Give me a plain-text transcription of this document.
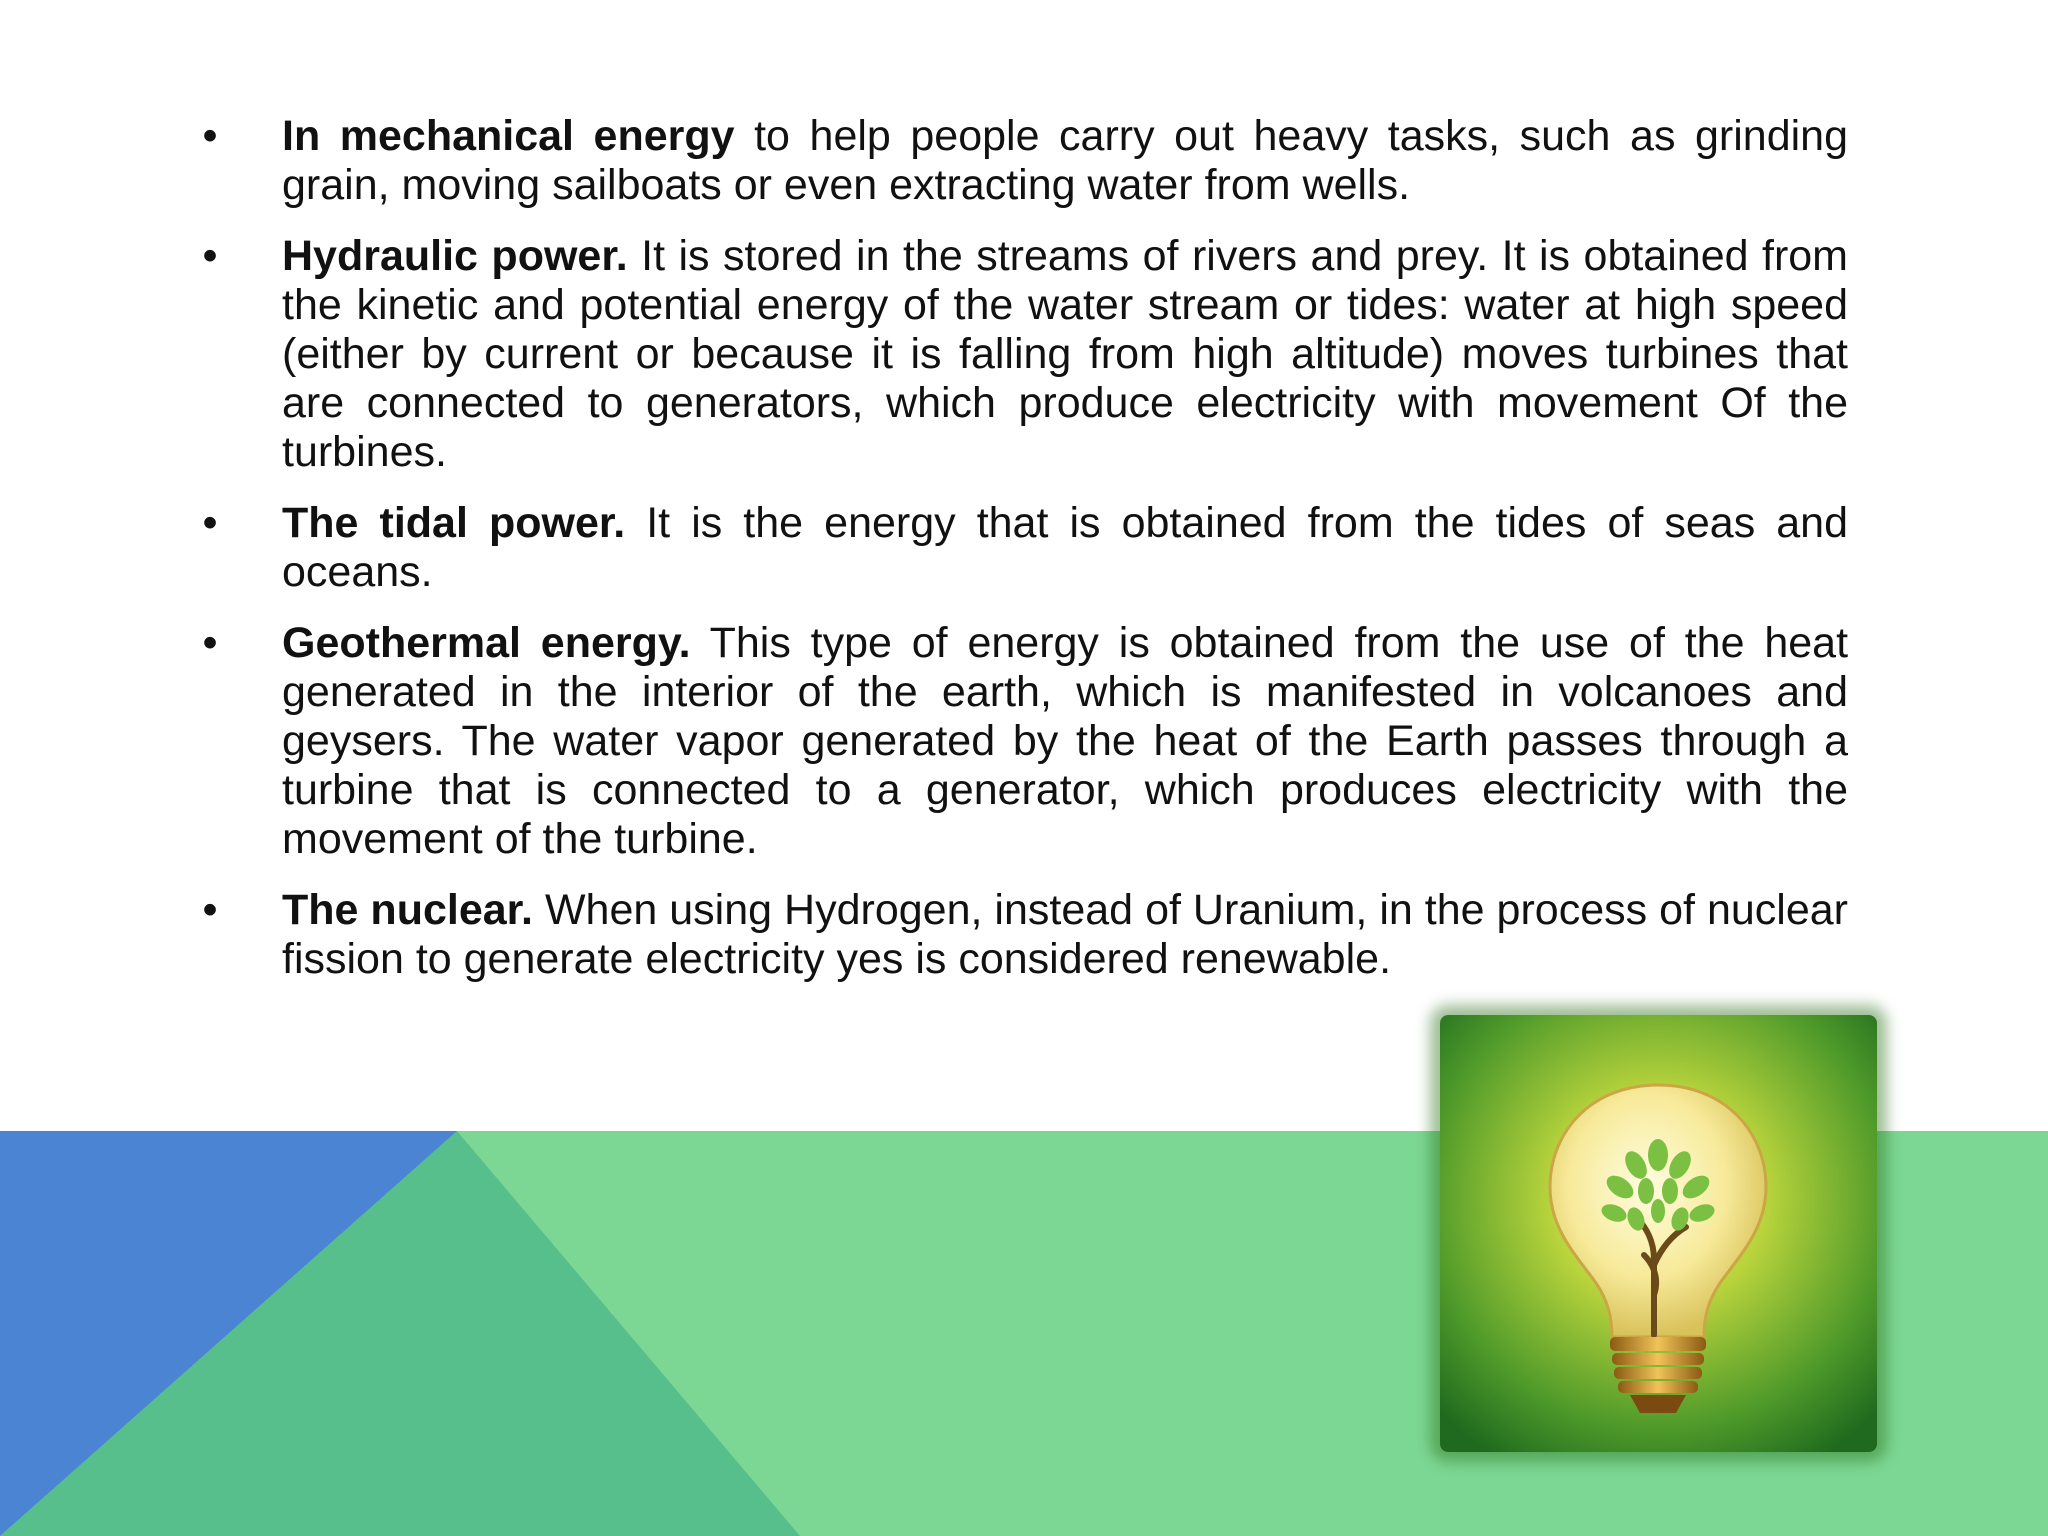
• In mechanical energy to help people carry out heavy tasks, such as grinding grain, moving sailboats or even extracting water from wells.
• Hydraulic power. It is stored in the streams of rivers and prey. It is obtained from the kinetic and potential energy of the water stream or tides: water at high speed (either by current or because it is falling from high altitude) moves turbines that are connected to generators, which produce electricity with movement Of the turbines.
• The tidal power. It is the energy that is obtained from the tides of seas and oceans.
• Geothermal energy. This type of energy is obtained from the use of the heat generated in the interior of the earth, which is manifested in volcanoes and geysers. The water vapor generated by the heat of the Earth passes through a turbine that is connected to a generator, which produces electricity with the movement of the turbine.
• The nuclear. When using Hydrogen, instead of Uranium, in the process of nuclear fission to generate electricity yes is considered renewable.
